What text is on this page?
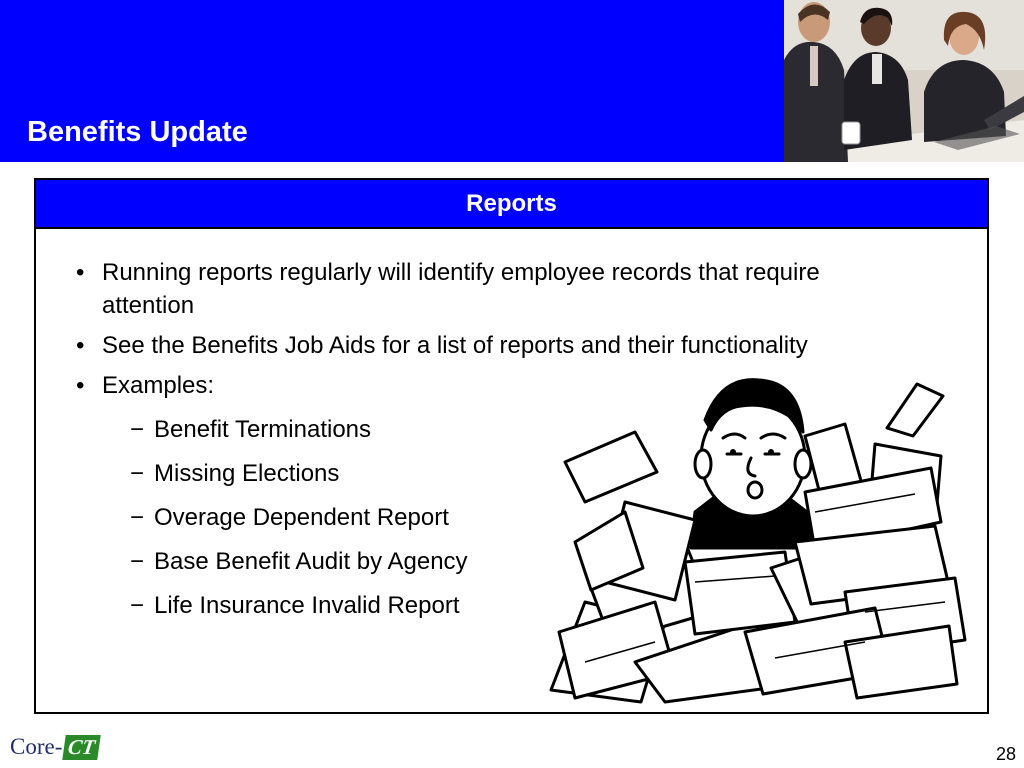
Benefits Update
Reports
• Running reports regularly will identify employee records that require attention
• See the Benefits Job Aids for a list of reports and their functionality
• Examples:
− Benefit Terminations
− Missing Elections
− Overage Dependent Report
− Base Benefit Audit by Agency
− Life Insurance Invalid Report
Core- CT	28
